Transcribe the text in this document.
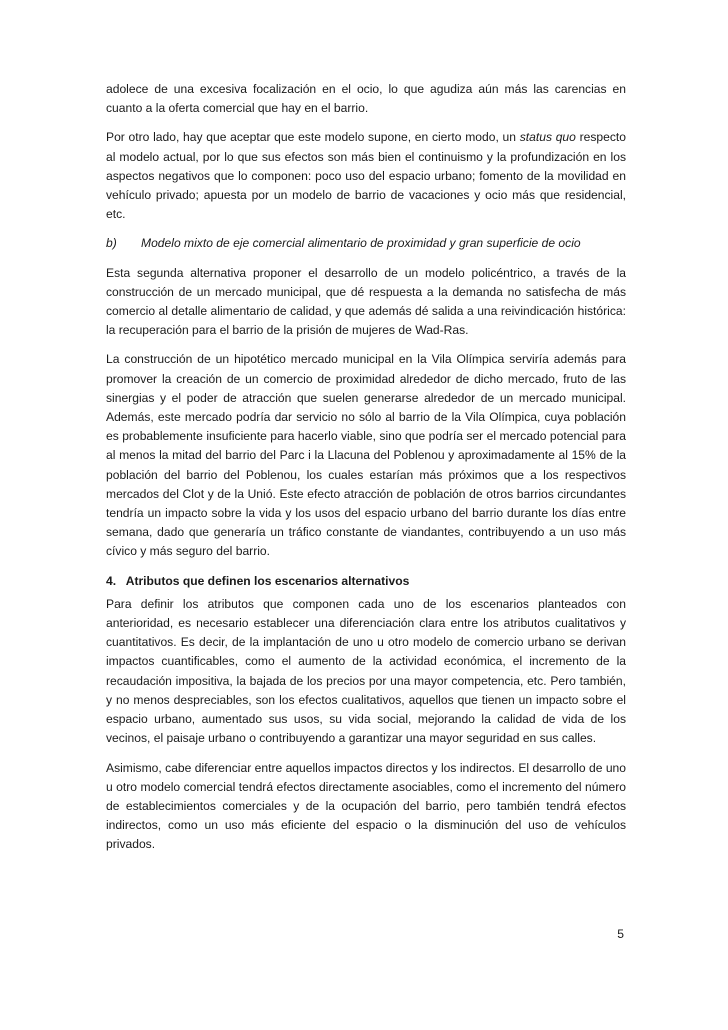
adolece de una excesiva focalización en el ocio, lo que agudiza aún más las carencias en cuanto a la oferta comercial que hay en el barrio.

Por otro lado, hay que aceptar que este modelo supone, en cierto modo, un status quo respecto al modelo actual, por lo que sus efectos son más bien el continuismo y la profundización en los aspectos negativos que lo componen: poco uso del espacio urbano; fomento de la movilidad en vehículo privado; apuesta por un modelo de barrio de vacaciones y ocio más que residencial, etc.

b)	Modelo mixto de eje comercial alimentario de proximidad y gran superficie de ocio

Esta segunda alternativa proponer el desarrollo de un modelo policéntrico, a través de la construcción de un mercado municipal, que dé respuesta a la demanda no satisfecha de más comercio al detalle alimentario de calidad, y que además dé salida a una reivindicación histórica: la recuperación para el barrio de la prisión de mujeres de Wad-Ras.

La construcción de un hipotético mercado municipal en la Vila Olímpica serviría además para promover la creación de un comercio de proximidad alrededor de dicho mercado, fruto de las sinergias y el poder de atracción que suelen generarse alrededor de un mercado municipal. Además, este mercado podría dar servicio no sólo al barrio de la Vila Olímpica, cuya población es probablemente insuficiente para hacerlo viable, sino que podría ser el mercado potencial para al menos la mitad del barrio del Parc i la Llacuna del Poblenou y aproximadamente al 15% de la población del barrio del Poblenou, los cuales estarían más próximos que a los respectivos mercados del Clot y de la Unió. Este efecto atracción de población de otros barrios circundantes tendría un impacto sobre la vida y los usos del espacio urbano del barrio durante los días entre semana, dado que generaría un tráfico constante de viandantes, contribuyendo a un uso más cívico y más seguro del barrio.

4.   Atributos que definen los escenarios alternativos

Para definir los atributos que componen cada uno de los escenarios planteados con anterioridad, es necesario establecer una diferenciación clara entre los atributos cualitativos y cuantitativos. Es decir, de la implantación de uno u otro modelo de comercio urbano se derivan impactos cuantificables, como el aumento de la actividad económica, el incremento de la recaudación impositiva, la bajada de los precios por una mayor competencia, etc. Pero también, y no menos despreciables, son los efectos cualitativos, aquellos que tienen un impacto sobre el espacio urbano, aumentado sus usos, su vida social, mejorando la calidad de vida de los vecinos, el paisaje urbano o contribuyendo a garantizar una mayor seguridad en sus calles.

Asimismo, cabe diferenciar entre aquellos impactos directos y los indirectos. El desarrollo de uno u otro modelo comercial tendrá efectos directamente asociables, como el incremento del número de establecimientos comerciales y de la ocupación del barrio, pero también tendrá efectos indirectos, como un uso más eficiente del espacio o la disminución del uso de vehículos privados.

5
